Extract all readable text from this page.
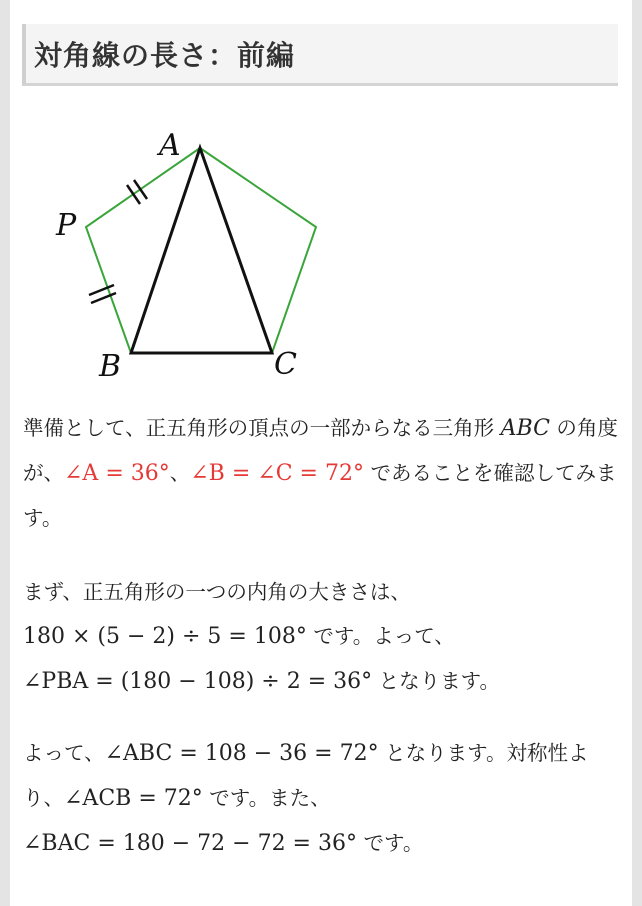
対角線の長さ：前編
A
P
B	C
準備として、正五角形の頂点の一部からなる三角形 ABC の角度が、∠A = 36°、∠B = ∠C = 72° であることを確認してみます。
まず、正五角形の一つの内角の大きさは、
180 × (5 − 2) ÷ 5 = 108° です。よって、
∠PBA = (180 − 108) ÷ 2 = 36° となります。
よって、∠ABC = 108 − 36 = 72° となります。対称性より、∠ACB = 72° です。また、
∠BAC = 180 − 72 − 72 = 36° です。
